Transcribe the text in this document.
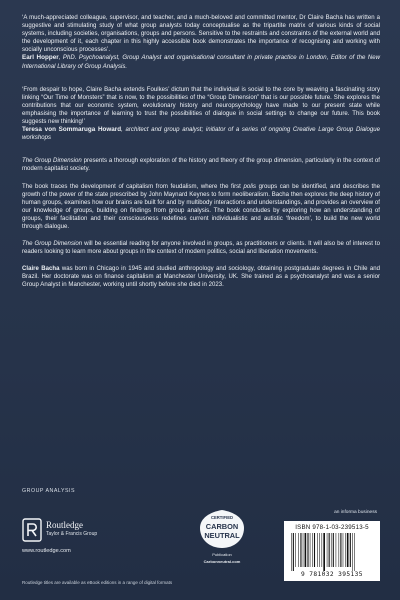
‘A much-appreciated colleague, supervisor, and teacher, and a much-beloved and committed mentor, Dr Claire Bacha has written a suggestive and stimulating study of what group analysts today conceptualise as the tripartite matrix of various kinds of social systems, including societies, organisations, groups and persons. Sensitive to the restraints and constraints of the external world and the development of it, each chapter in this highly accessible book demonstrates the importance of recognising and working with socially unconscious processes’.
Earl Hopper, PhD. Psychoanalyst, Group Analyst and organisational consultant in private practice in London, Editor of the New International Library of Group Analysis.

‘From despair to hope, Claire Bacha extends Foulkes’ dictum that the individual is social to the core by weaving a fascinating story linking “Our Time of Monsters” that is now, to the possibilities of the “Group Dimension” that is our possible future. She explores the contributions that our economic system, evolutionary history and neuropsychology have made to our present state while emphasising the importance of learning to trust the possibilities of dialogue in social settings to change our future. This book suggests new thinking!’
Teresa von Sommaruga Howard, architect and group analyst; initiator of a series of ongoing Creative Large Group Dialogue workshops

The Group Dimension presents a thorough exploration of the history and theory of the group dimension, particularly in the context of modern capitalist society.

The book traces the development of capitalism from feudalism, where the first polis groups can be identified, and describes the growth of the power of the state prescribed by John Maynard Keynes to form neoliberalism. Bacha then explores the deep history of human groups, examines how our brains are built for and by multibody interactions and understandings, and provides an overview of our knowledge of groups, building on findings from group analysis. The book concludes by exploring how an understanding of groups, their facilitation and their consciousness redefines current individualistic and autistic ‘freedom’, to build the new world through dialogue.

The Group Dimension will be essential reading for anyone involved in groups, as practitioners or clients. It will also be of interest to readers looking to learn more about groups in the context of modern politics, social and liberation movements.

Claire Bacha was born in Chicago in 1945 and studied anthropology and sociology, obtaining postgraduate degrees in Chile and Brazil. Her doctorate was on finance capitalism at Manchester University, UK. She trained as a psychoanalyst and was a senior Group Analyst in Manchester, working until shortly before she died in 2023.

GROUP ANALYSIS
Routledge
Taylor & Francis Group
www.routledge.com
CERTIFIED
CARBON
NEUTRAL
Publication
Carbonneutral.com
an informa business
ISBN 978-1-03-239513-5
9 781032 395135
Routledge titles are available as eBook editions in a range of digital formats
